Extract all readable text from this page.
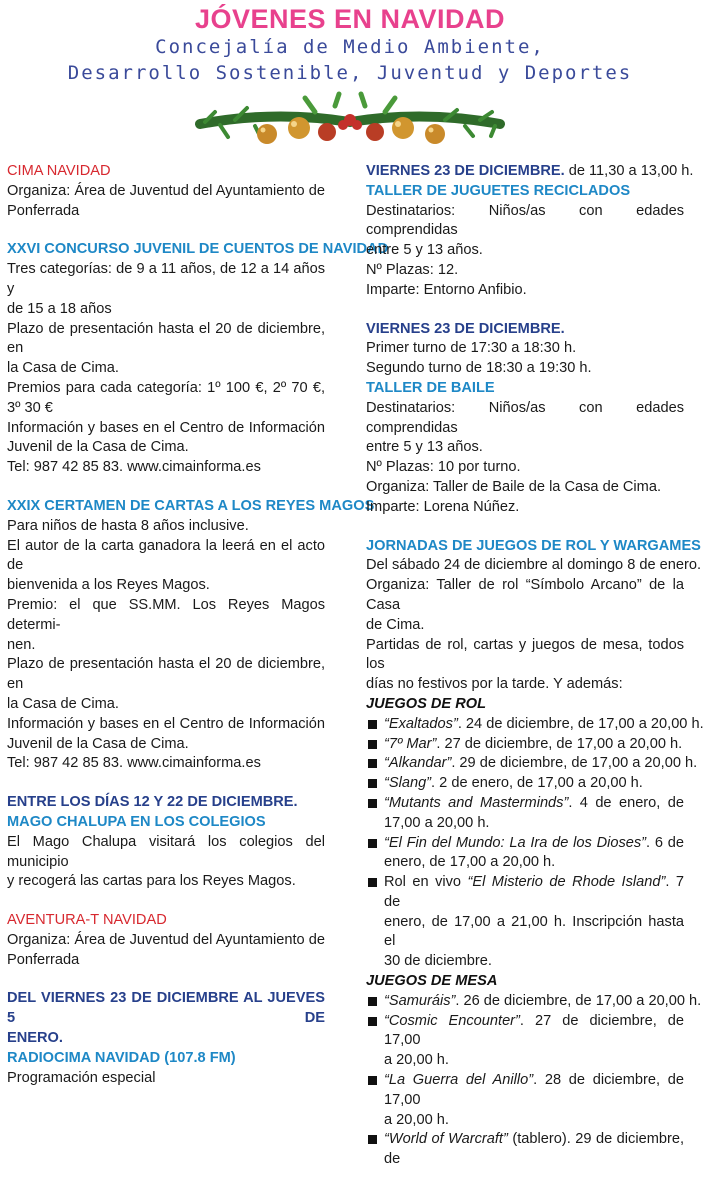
JÓVENES EN NAVIDAD
Concejalía de Medio Ambiente,
Desarrollo Sostenible, Juventud y Deportes
CIMA NAVIDAD
Organiza: Área de Juventud del Ayuntamiento de
Ponferrada
XXVI CONCURSO JUVENIL DE CUENTOS DE NAVIDAD
Tres categorías: de 9 a 11 años, de 12 a 14 años y
de 15 a 18 años
Plazo de presentación hasta el 20 de diciembre, en
la Casa de Cima.
Premios para cada categoría: 1º 100 €, 2º 70 €,
3º 30 €
Información y bases en el Centro de Información
Juvenil de la Casa de Cima.
Tel: 987 42 85 83. www.cimainforma.es
XXIX CERTAMEN DE CARTAS A LOS REYES MAGOS
Para niños de hasta 8 años inclusive.
El autor de la carta ganadora la leerá en el acto de
bienvenida a los Reyes Magos.
Premio: el que SS.MM. Los Reyes Magos determi-
nen.
Plazo de presentación hasta el 20 de diciembre, en
la Casa de Cima.
Información y bases en el Centro de Información
Juvenil de la Casa de Cima.
Tel: 987 42 85 83. www.cimainforma.es
ENTRE LOS DÍAS 12 Y 22 DE DICIEMBRE.
MAGO CHALUPA EN LOS COLEGIOS
El Mago Chalupa visitará los colegios del municipio
y recogerá las cartas para los Reyes Magos.
AVENTURA-T NAVIDAD
Organiza: Área de Juventud del Ayuntamiento de
Ponferrada
DEL VIERNES 23 DE DICIEMBRE AL JUEVES 5 DE
ENERO.
RADIOCIMA NAVIDAD (107.8 FM)
Programación especial
VIERNES 23 DE DICIEMBRE. de 11,30 a 13,00 h.
TALLER DE JUGUETES RECICLADOS
Destinatarios: Niños/as con edades comprendidas
entre 5 y 13 años.
Nº Plazas: 12.
Imparte: Entorno Anfibio.
VIERNES 23 DE DICIEMBRE.
Primer turno de 17:30 a 18:30 h.
Segundo turno de 18:30 a 19:30 h.
TALLER DE BAILE
Destinatarios: Niños/as con edades comprendidas
entre 5 y 13 años.
Nº Plazas: 10 por turno.
Organiza: Taller de Baile de la Casa de Cima.
Imparte: Lorena Núñez.
JORNADAS DE JUEGOS DE ROL Y WARGAMES
Del sábado 24 de diciembre al domingo 8 de enero.
Organiza: Taller de rol “Símbolo Arcano” de la Casa
de Cima.
Partidas de rol, cartas y juegos de mesa, todos los
días no festivos por la tarde. Y además:
JUEGOS DE ROL
“Exaltados”. 24 de diciembre, de 17,00 a 20,00 h.
“7º Mar”. 27 de diciembre, de 17,00 a 20,00 h.
“Alkandar”. 29 de diciembre, de 17,00 a 20,00 h.
“Slang”. 2 de enero, de 17,00 a 20,00 h.
“Mutants and Masterminds”. 4 de enero, de
17,00 a 20,00 h.
“El Fin del Mundo: La Ira de los Dioses”. 6 de
enero, de 17,00 a 20,00 h.
Rol en vivo “El Misterio de Rhode Island”. 7 de
enero, de 17,00 a 21,00 h. Inscripción hasta el
30 de diciembre.
JUEGOS DE MESA
“Samuráis”. 26 de diciembre, de 17,00 a 20,00 h.
“Cosmic Encounter”. 27 de diciembre, de 17,00
a 20,00 h.
“La Guerra del Anillo”. 28 de diciembre, de 17,00
a 20,00 h.
“World of Warcraft” (tablero). 29 de diciembre, de
